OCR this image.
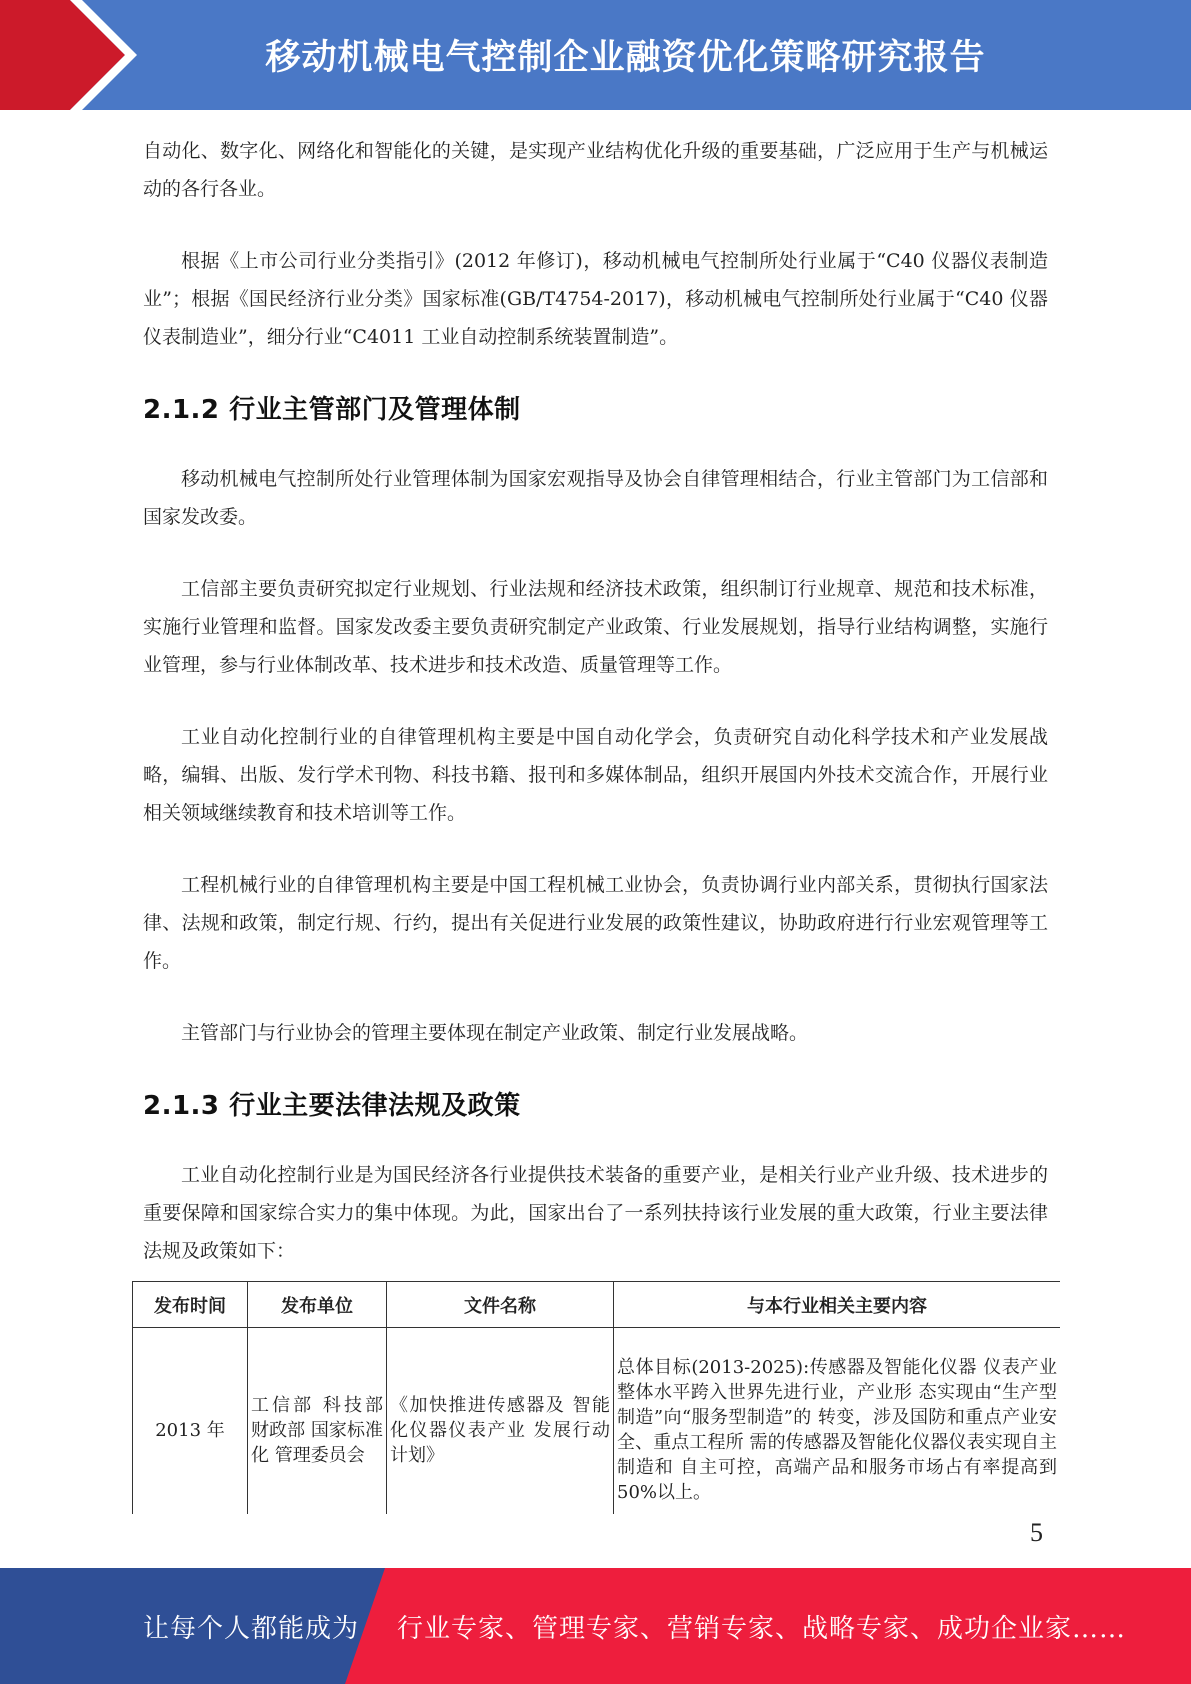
移动机械电气控制企业融资优化策略研究报告

自动化、数字化、网络化和智能化的关键，是实现产业结构优化升级的重要基础，广泛应用于生产与机械运动的各行各业。

根据《上市公司行业分类指引》(2012 年修订)，移动机械电气控制所处行业属于“C40 仪器仪表制造业”；根据《国民经济行业分类》国家标准(GB/T4754-2017)，移动机械电气控制所处行业属于“C40 仪器仪表制造业”，细分行业“C4011 工业自动控制系统装置制造”。

2.1.2 行业主管部门及管理体制

移动机械电气控制所处行业管理体制为国家宏观指导及协会自律管理相结合，行业主管部门为工信部和国家发改委。

工信部主要负责研究拟定行业规划、行业法规和经济技术政策，组织制订行业规章、规范和技术标准，实施行业管理和监督。国家发改委主要负责研究制定产业政策、行业发展规划，指导行业结构调整，实施行业管理，参与行业体制改革、技术进步和技术改造、质量管理等工作。

工业自动化控制行业的自律管理机构主要是中国自动化学会，负责研究自动化科学技术和产业发展战略，编辑、出版、发行学术刊物、科技书籍、报刊和多媒体制品，组织开展国内外技术交流合作，开展行业相关领域继续教育和技术培训等工作。

工程机械行业的自律管理机构主要是中国工程机械工业协会，负责协调行业内部关系，贯彻执行国家法律、法规和政策，制定行规、行约，提出有关促进行业发展的政策性建议，协助政府进行行业宏观管理等工作。

主管部门与行业协会的管理主要体现在制定产业政策、制定行业发展战略。

2.1.3 行业主要法律法规及政策

工业自动化控制行业是为国民经济各行业提供技术装备的重要产业，是相关行业产业升级、技术进步的重要保障和国家综合实力的集中体现。为此，国家出台了一系列扶持该行业发展的重大政策，行业主要法律法规及政策如下：

发布时间	发布单位	文件名称	与本行业相关主要内容
2013 年	工信部 科技部 财政部 国家标准化 管理委员会	《加快推进传感器及 智能化仪器仪表产业 发展行动计划》	总体目标(2013-2025):传感器及智能化仪器 仪表产业整体水平跨入世界先进行业，产业形 态实现由“生产型制造”向“服务型制造”的 转变，涉及国防和重点产业安全、重点工程所 需的传感器及智能化仪器仪表实现自主制造和 自主可控，高端产品和服务市场占有率提高到 50%以上。
5
让每个人都能成为 行业专家、管理专家、营销专家、战略专家、成功企业家……
